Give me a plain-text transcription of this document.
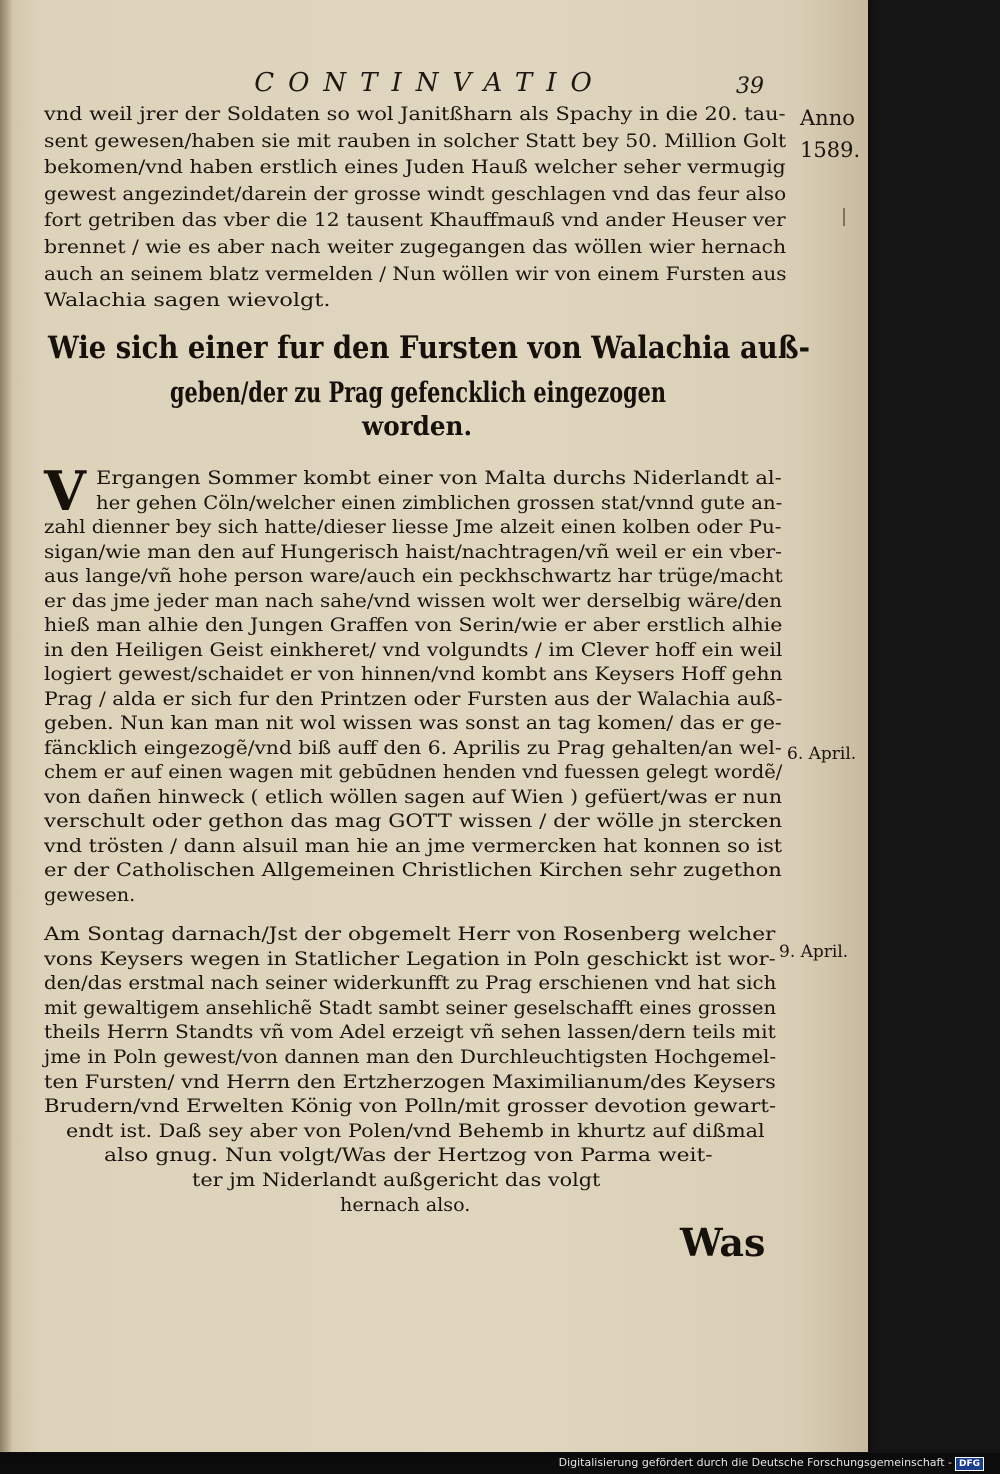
CONTINVATIO	39
vnd weil jrer der Soldaten so wol Janitßharn als Spachy in die 20. tau-
sent gewesen/haben sie mit rauben in solcher Statt bey 50. Million Golt
bekomen/vnd haben erstlich eines Juden Hauß welcher seher vermugig
gewest angezindet/darein der grosse windt geschlagen vnd das feur also
fort getriben das vber die 12 tausent Khauffmauß vnd ander Heuser ver
brennet / wie es aber nach weiter zugegangen das wöllen wier hernach
auch an seinem blatz vermelden / Nun wöllen wir von einem Fursten aus
Walachia sagen wievolgt.
Wie sich einer fur den Fursten von Walachia auß-
geben/der zu Prag gefencklich eingezogen
worden.
V Ergangen Sommer kombt einer von Malta durchs Niderlandt al-
her gehen Cöln/welcher einen zimblichen grossen stat/vnnd gute an-
zahl dienner bey sich hatte/dieser liesse Jme alzeit einen kolben oder Pu-
sigan/wie man den auf Hungerisch haist/nachtragen/vñ weil er ein vber-
aus lange/vñ hohe person ware/auch ein peckhschwartz har trüge/macht
er das jme jeder man nach sahe/vnd wissen wolt wer derselbig wäre/den
hieß man alhie den Jungen Graffen von Serin/wie er aber erstlich alhie
in den Heiligen Geist einkheret/ vnd volgundts / im Clever hoff ein weil
logiert gewest/schaidet er von hinnen/vnd kombt ans Keysers Hoff gehn
Prag / alda er sich fur den Printzen oder Fursten aus der Walachia auß-
geben. Nun kan man nit wol wissen was sonst an tag komen/ das er ge-
fäncklich eingezogẽ/vnd biß auff den 6. Aprilis zu Prag gehalten/an wel-
chem er auf einen wagen mit gebūdnen henden vnd fuessen gelegt wordẽ/
von dañen hinweck ( etlich wöllen sagen auf Wien ) gefüert/was er nun
verschult oder gethon das mag GOTT wissen / der wölle jn stercken
vnd trösten / dann alsuil man hie an jme vermercken hat konnen so ist
er der Catholischen Allgemeinen Christlichen Kirchen sehr zugethon
gewesen.
Am Sontag darnach/Jst der obgemelt Herr von Rosenberg welcher
vons Keysers wegen in Statlicher Legation in Poln geschickt ist wor-
den/das erstmal nach seiner widerkunfft zu Prag erschienen vnd hat sich
mit gewaltigem ansehlichẽ Stadt sambt seiner geselschafft eines grossen
theils Herrn Standts vñ vom Adel erzeigt vñ sehen lassen/dern teils mit
jme in Poln gewest/von dannen man den Durchleuchtigsten Hochgemel-
ten Fursten/ vnd Herrn den Ertzherzogen Maximilianum/des Keysers
Brudern/vnd Erwelten König von Polln/mit grosser devotion gewart-
endt ist. Daß sey aber von Polen/vnd Behemb in khurtz auf dißmal
also gnug. Nun volgt/Was der Hertzog von Parma weit-
ter jm Niderlandt außgericht das volgt
hernach also.
Anno
1589.
6. April.
9. April.
Was
Digitalisierung gefördert durch die Deutsche Forschungsgemeinschaft - DFG
